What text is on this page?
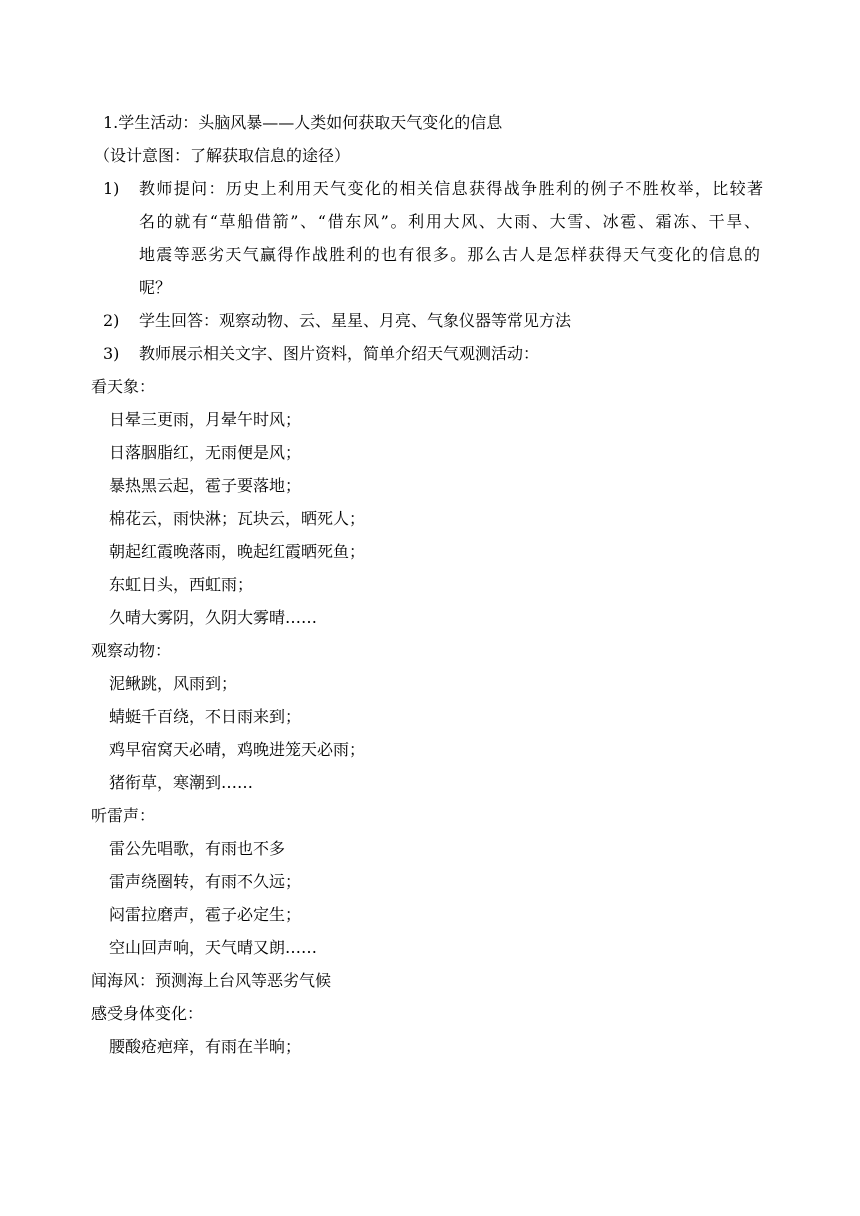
1.学生活动：头脑风暴——人类如何获取天气变化的信息
（设计意图：了解获取信息的途径）
1)	教师提问：历史上利用天气变化的相关信息获得战争胜利的例子不胜枚举，比较著
名的就有“草船借箭”、“借东风”。利用大风、大雨、大雪、冰雹、霜冻、干旱、
地震等恶劣天气赢得作战胜利的也有很多。那么古人是怎样获得天气变化的信息的
呢？
2)	学生回答：观察动物、云、星星、月亮、气象仪器等常见方法
3)	教师展示相关文字、图片资料，简单介绍天气观测活动：
看天象：
日晕三更雨，月晕午时风；
日落胭脂红，无雨便是风；
暴热黑云起，雹子要落地；
棉花云，雨快淋；瓦块云，晒死人；
朝起红霞晚落雨，晚起红霞晒死鱼；
东虹日头，西虹雨；
久晴大雾阴，久阴大雾晴……
观察动物：
泥鳅跳，风雨到；
蜻蜓千百绕，不日雨来到；
鸡早宿窝天必晴，鸡晚进笼天必雨；
猪衔草，寒潮到……
听雷声：
雷公先唱歌，有雨也不多
雷声绕圈转，有雨不久远；
闷雷拉磨声，雹子必定生；
空山回声响，天气晴又朗……
闻海风：预测海上台风等恶劣气候
感受身体变化：
腰酸疮疤痒，有雨在半晌；
